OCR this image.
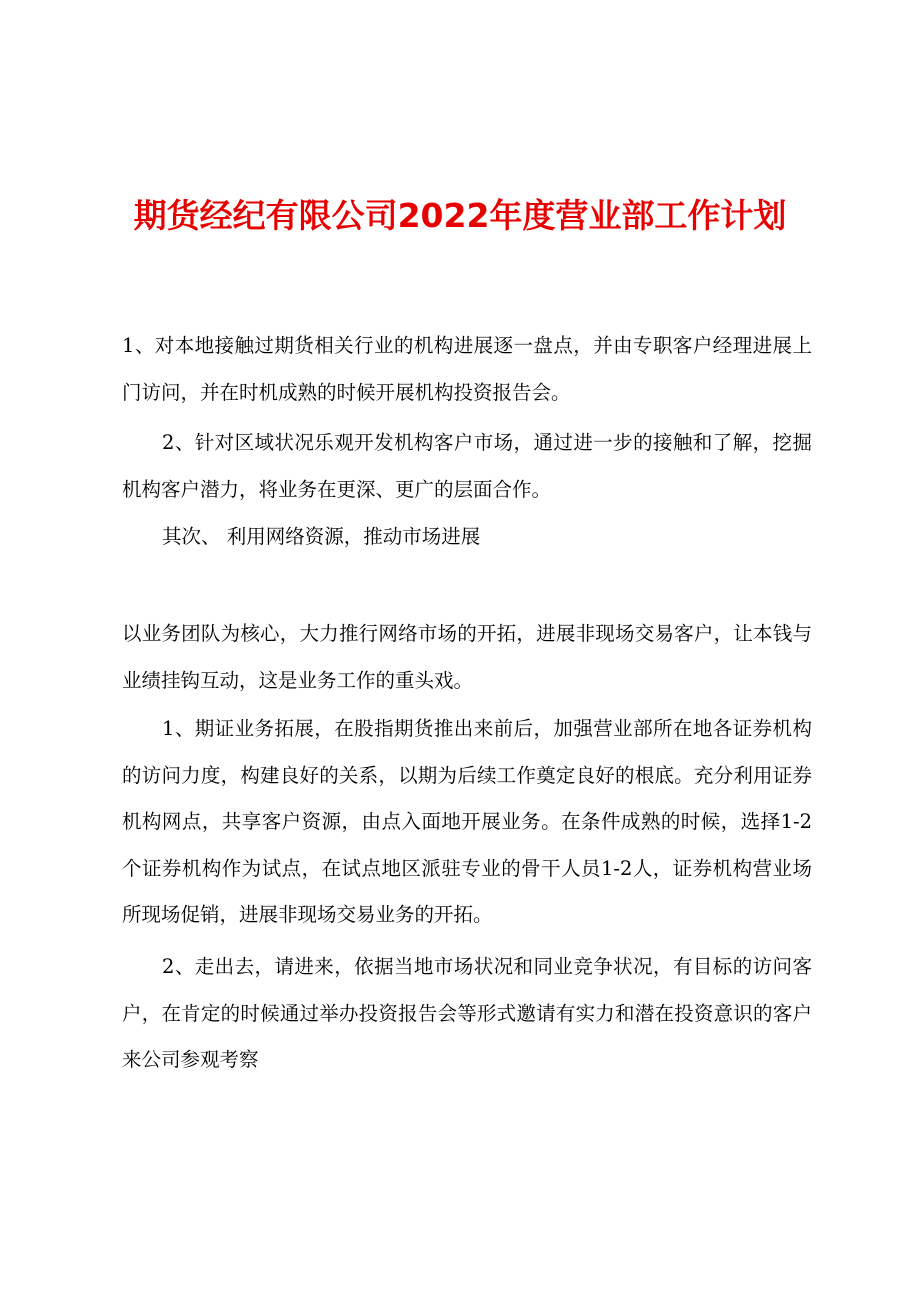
期货经纪有限公司2022年度营业部工作计划

1、对本地接触过期货相关行业的机构进展逐一盘点，并由专职客户经理进展上门访问，并在时机成熟的时候开展机构投资报告会。

2、针对区域状况乐观开发机构客户市场，通过进一步的接触和了解，挖掘机构客户潜力，将业务在更深、更广的层面合作。

其次、 利用网络资源，推动市场进展

以业务团队为核心，大力推行网络市场的开拓，进展非现场交易客户，让本钱与业绩挂钩互动，这是业务工作的重头戏。

1、期证业务拓展，在股指期货推出来前后，加强营业部所在地各证券机构的访问力度，构建良好的关系，以期为后续工作奠定良好的根底。充分利用证券机构网点，共享客户资源，由点入面地开展业务。在条件成熟的时候，选择1-2个证券机构作为试点，在试点地区派驻专业的骨干人员1-2人，证券机构营业场所现场促销，进展非现场交易业务的开拓。

2、走出去，请进来，依据当地市场状况和同业竞争状况，有目标的访问客户，在肯定的时候通过举办投资报告会等形式邀请有实力和潜在投资意识的客户来公司参观考察
